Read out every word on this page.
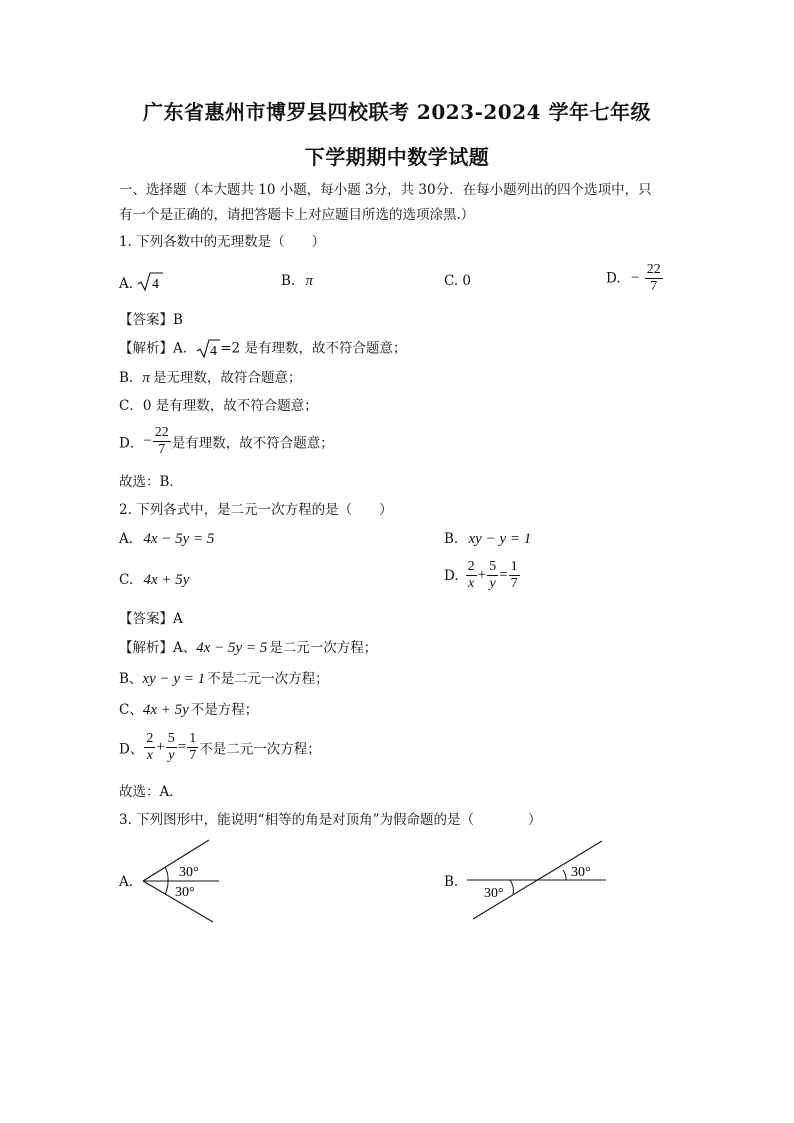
广东省惠州市博罗县四校联考 2023-2024 学年七年级
下学期期中数学试题
一、选择题（本大题共 10 小题，每小题 3分，共 30分．在每小题列出的四个选项中，只
有一个是正确的，请把答题卡上对应题目所选的选项涂黑.）
1. 下列各数中的无理数是（　　）
A. 4	B. π	C. 0	D. − $\frac{22}{7}$
【答案】B
【解析】A． 4 =2 是有理数，故不符合题意；
B．π 是无理数，故符合题意；
C．0 是有理数，故不符合题意；
D．− $\frac{22}{7}$ 是有理数，故不符合题意；
故选：B．
2. 下列各式中，是二元一次方程的是（　　）
A. 4x − 5y = 5	B. xy − y = 1
C. 4x + 5y	D. $\frac{2}{x} + \frac{5}{y} = \frac{1}{7}$
【答案】A
【解析】A、4x − 5y = 5 是二元一次方程；
B、xy − y = 1 不是二元一次方程；
C、4x + 5y 不是方程；
D、 $\frac{2}{x} + \frac{5}{y} = \frac{1}{7}$ 不是二元一次方程；
故选：A．
3. 下列图形中，能说明“相等的角是对顶角”为假命题的是（　　　　）
A.
30°
30°
B.
30°
30°
